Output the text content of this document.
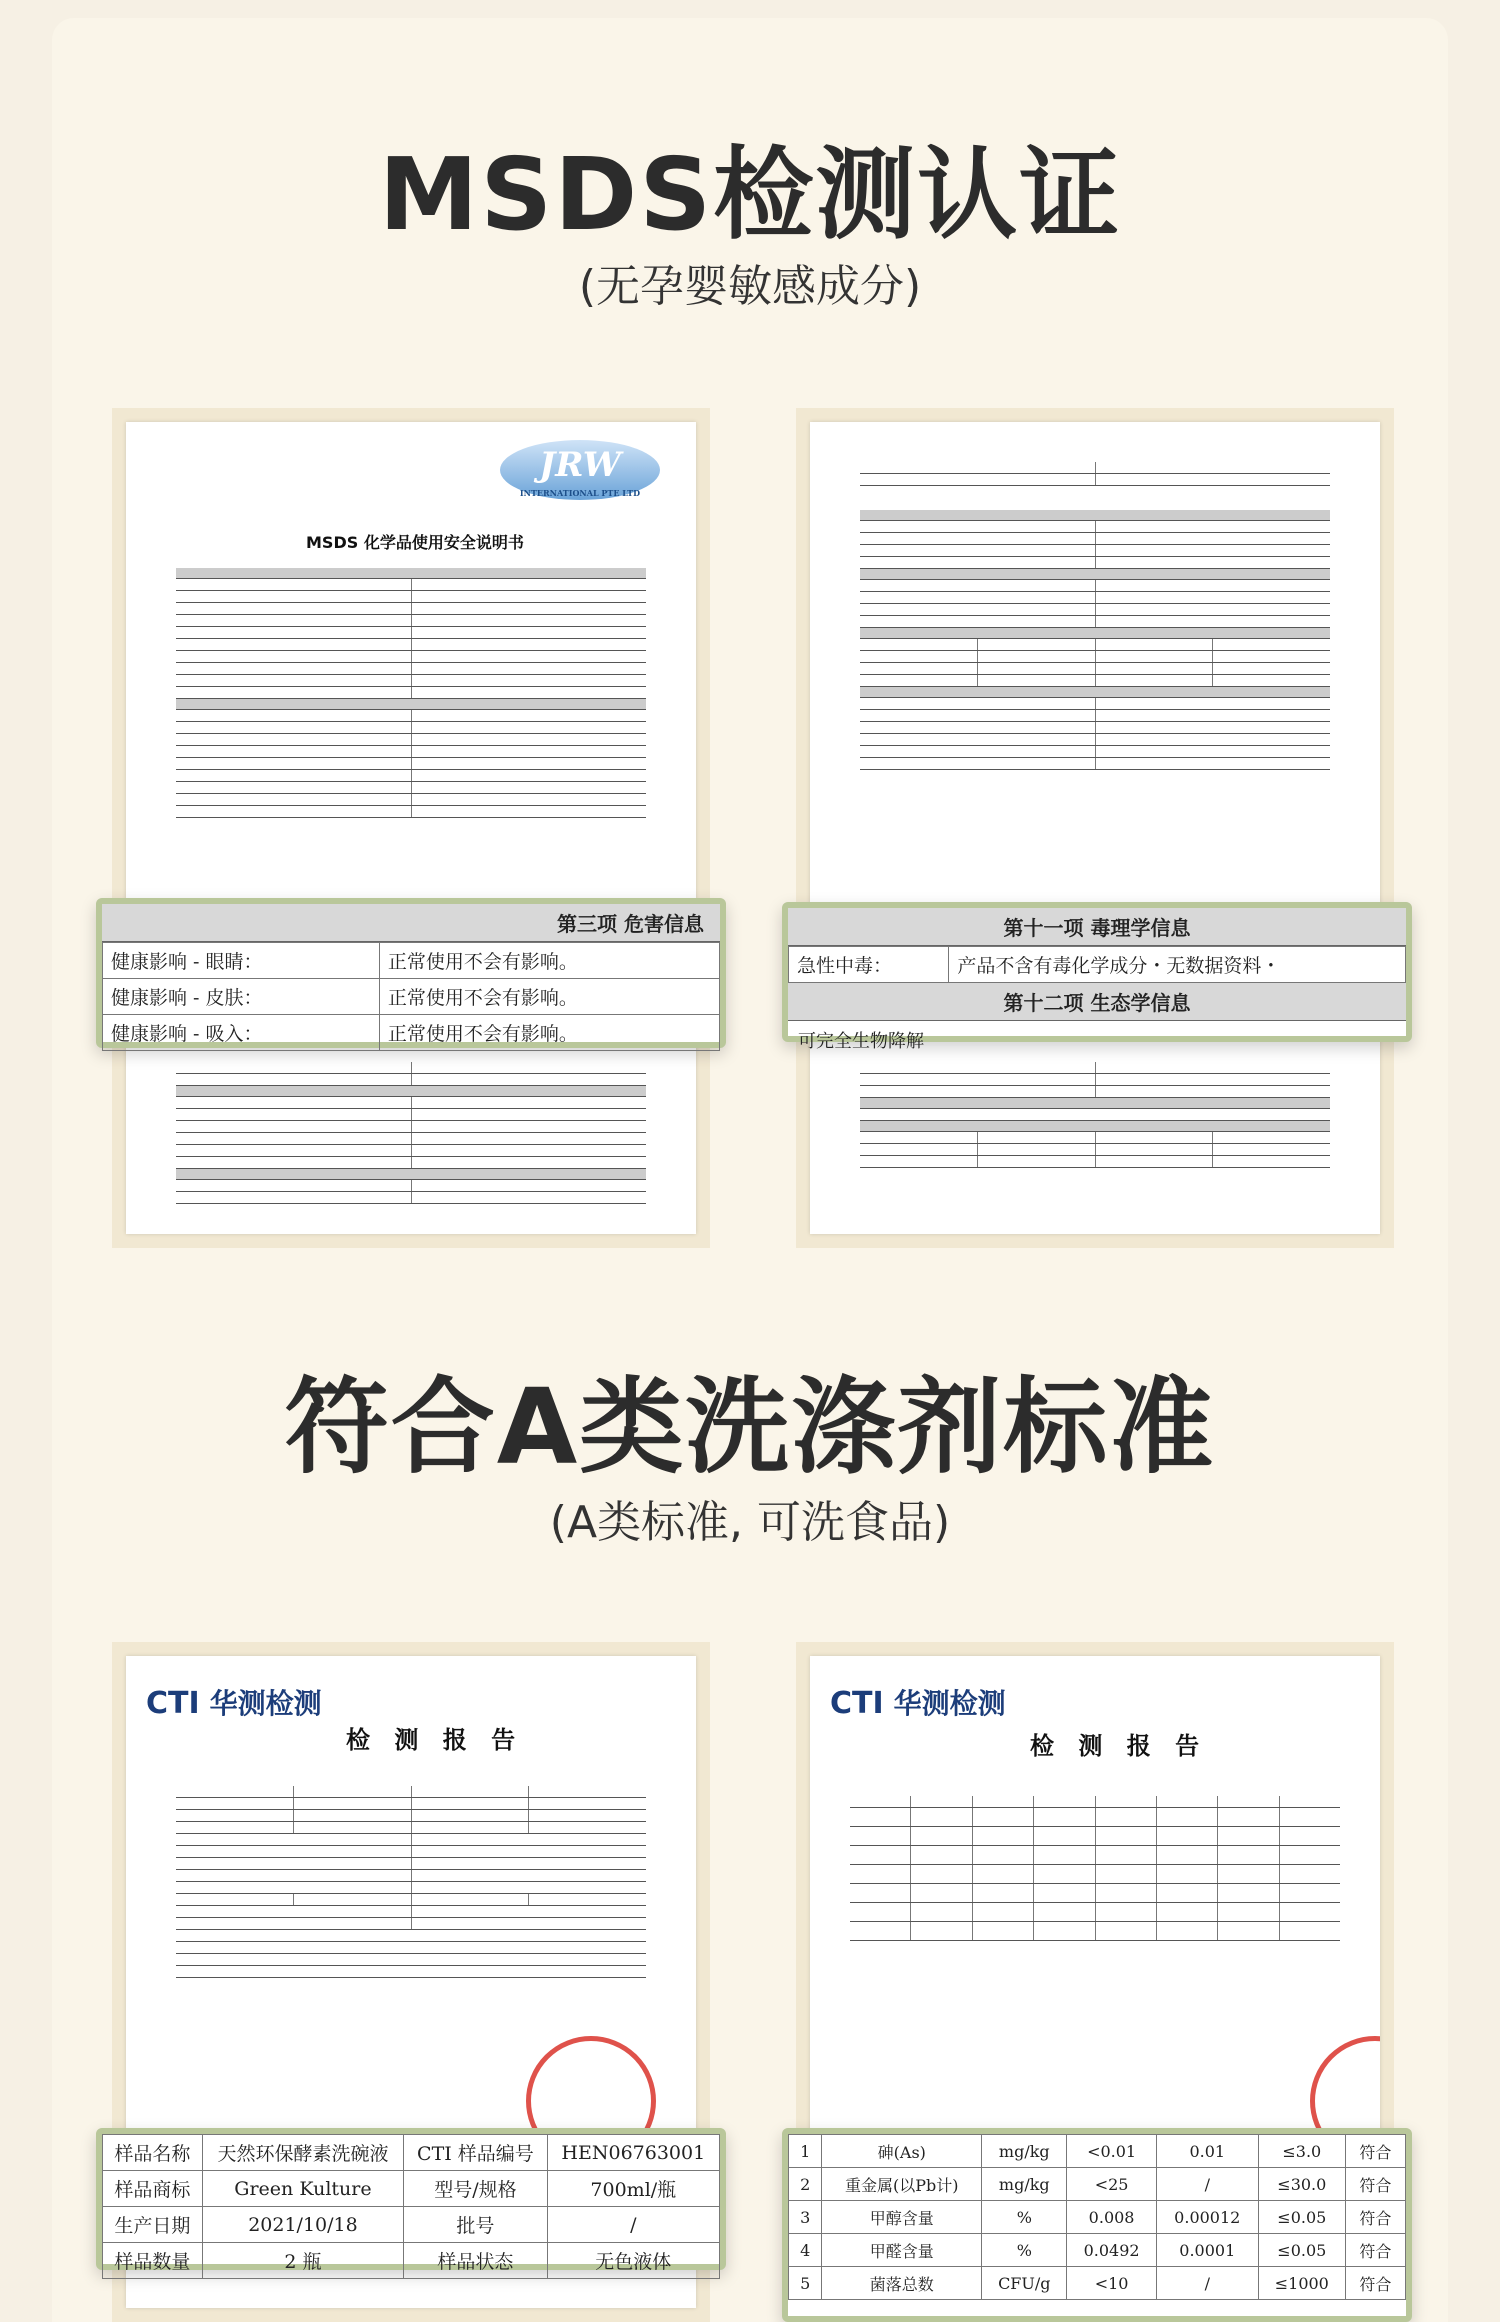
MSDS检测认证
(无孕婴敏感成分)
JRW
INTERNATIONAL PTE LTD
MSDS 化学品使用安全说明书
符合A类洗涤剂标准
(A类标准, 可洗食品)
CTI 华测检测
检 测 报 告
CTI 华测检测
检 测 报 告
第三项 危害信息
健康影响 - 眼睛：	正常使用不会有影响。
健康影响 - 皮肤：	正常使用不会有影响。
健康影响 - 吸入：	正常使用不会有影响。
第十一项 毒理学信息
急性中毒：	产品不含有毒化学成分・无数据资料・
第十二项 生态学信息
可完全生物降解
样品名称	天然环保酵素洗碗液	CTI 样品编号	HEN06763001
样品商标	Green Kulture	型号/规格	700ml/瓶
生产日期	2021/10/18	批号	/
样品数量	2 瓶	样品状态	无色液体
1	砷(As)	mg/kg	<0.01	0.01	≤3.0	符合
2	重金属(以Pb计)	mg/kg	<25	/	≤30.0	符合
3	甲醇含量	%	0.008	0.00012	≤0.05	符合
4	甲醛含量	%	0.0492	0.0001	≤0.05	符合
5	菌落总数	CFU/g	<10	/	≤1000	符合
